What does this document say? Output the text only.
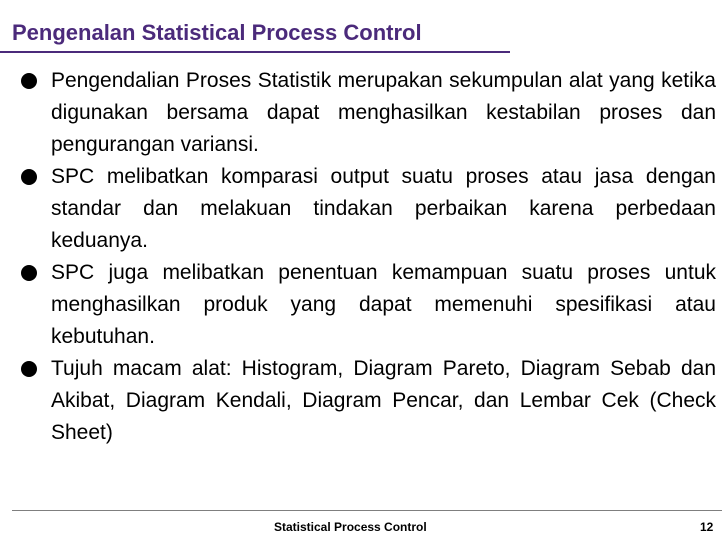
Pengenalan Statistical Process Control
Pengendalian Proses Statistik merupakan sekumpulan alat yang ketika digunakan bersama dapat menghasilkan kestabilan proses dan pengurangan variansi.
SPC melibatkan komparasi output suatu proses atau jasa dengan standar dan melakuan tindakan perbaikan karena perbedaan keduanya.
SPC juga melibatkan penentuan kemampuan suatu proses untuk menghasilkan produk yang dapat memenuhi spesifikasi atau kebutuhan.
Tujuh macam alat: Histogram, Diagram Pareto, Diagram Sebab dan Akibat, Diagram Kendali, Diagram Pencar, dan Lembar Cek (Check Sheet)
Statistical Process Control	12
